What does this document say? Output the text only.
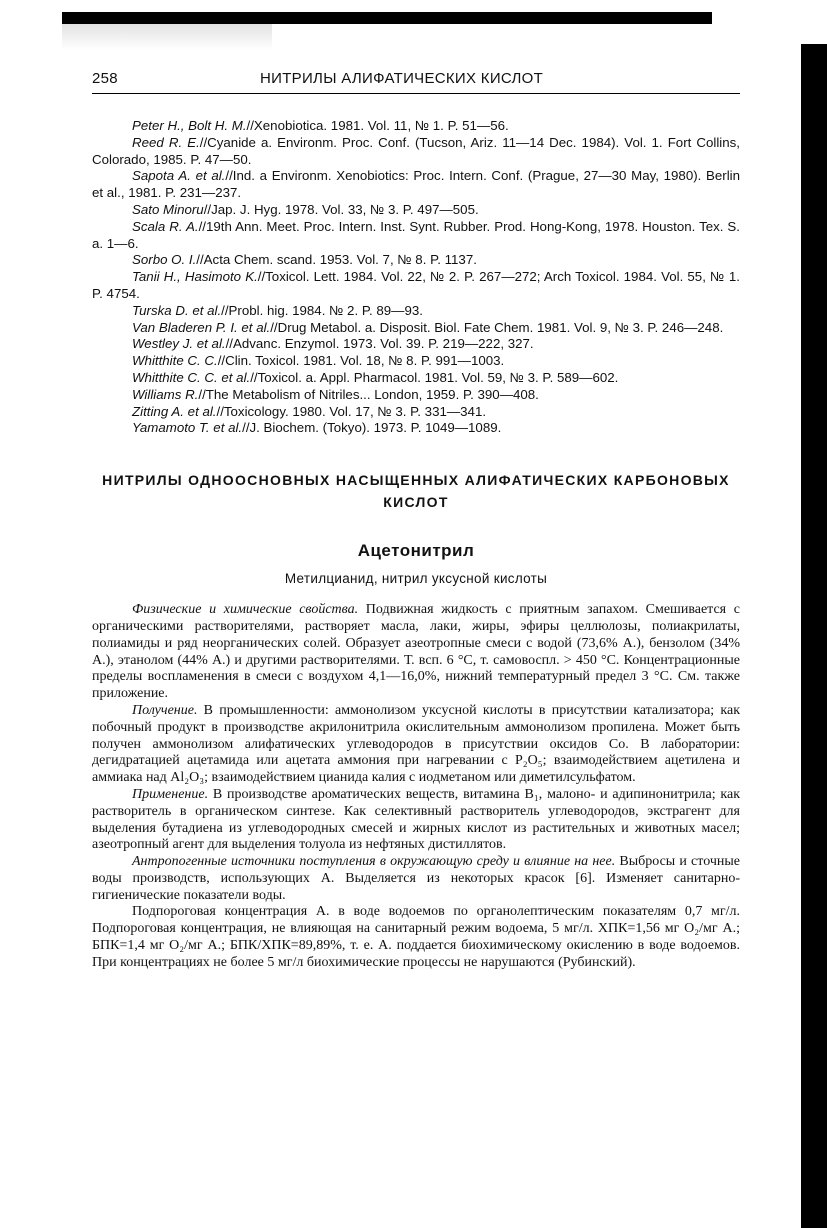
258	НИТРИЛЫ АЛИФАТИЧЕСКИХ КИСЛОТ
Peter H., Bolt H. M.//Xenobiotica. 1981. Vol. 11, № 1. P. 51—56.
Reed R. E.//Cyanide a. Environm. Proc. Conf. (Tucson, Ariz. 11—14 Dec. 1984). Vol. 1. Fort Collins, Colorado, 1985. P. 47—50.
Sapota A. et al.//Ind. a Environm. Xenobiotics: Proc. Intern. Conf. (Prague, 27—30 May, 1980). Berlin et al., 1981. P. 231—237.
Sato Minoru//Jap. J. Hyg. 1978. Vol. 33, № 3. P. 497—505.
Scala R. A.//19th Ann. Meet. Proc. Intern. Inst. Synt. Rubber. Prod. Hong-Kong, 1978. Houston. Tex. S. a. 1—6.
Sorbo O. I.//Acta Chem. scand. 1953. Vol. 7, № 8. P. 1137.
Tanii H., Hasimoto K.//Toxicol. Lett. 1984. Vol. 22, № 2. P. 267—272; Arch Toxicol. 1984. Vol. 55, № 1. P. 4754.
Turska D. et al.//Probl. hig. 1984. № 2. P. 89—93.
Van Bladeren P. I. et al.//Drug Metabol. a. Disposit. Biol. Fate Chem. 1981. Vol. 9, № 3. P. 246—248.
Westley J. et al.//Advanc. Enzymol. 1973. Vol. 39. P. 219—222, 327.
Whitthite C. C.//Clin. Toxicol. 1981. Vol. 18, № 8. P. 991—1003.
Whitthite C. C. et al.//Toxicol. a. Appl. Pharmacol. 1981. Vol. 59, № 3. P. 589—602.
Williams R.//The Metabolism of Nitriles... London, 1959. P. 390—408.
Zitting A. et al.//Toxicology. 1980. Vol. 17, № 3. P. 331—341.
Yamamoto T. et al.//J. Biochem. (Tokyo). 1973. P. 1049—1089.
НИТРИЛЫ ОДНООСНОВНЫХ НАСЫЩЕННЫХ АЛИФАТИЧЕСКИХ КАРБОНОВЫХ КИСЛОТ
Ацетонитрил
Метилцианид, нитрил уксусной кислоты
Физические и химические свойства. Подвижная жидкость с приятным запахом. Смешивается с органическими растворителями, растворяет масла, лаки, жиры, эфиры целлюлозы, полиакрилаты, полиамиды и ряд неорганических солей. Образует азеотропные смеси с водой (73,6% А.), бензолом (34% А.), этанолом (44% А.) и другими растворителями. Т. всп. 6 °С, т. самовоспл. > 450 °С. Концентрационные пределы воспламенения в смеси с воздухом 4,1—16,0%, нижний температурный предел 3 °С. См. также приложение.
Получение. В промышленности: аммонолизом уксусной кислоты в присутствии катализатора; как побочный продукт в производстве акрилонитрила окислительным аммонолизом пропилена. Может быть получен аммонолизом алифатических углеводородов в присутствии оксидов Co. В лаборатории: дегидратацией ацетамида или ацетата аммония при нагревании с P₂O₅; взаимодействием ацетилена и аммиака над Al₂O₃; взаимодействием цианида калия с иодметаном или диметилсульфатом.
Применение. В производстве ароматических веществ, витамина B₁, малоно- и адипинонитрила; как растворитель в органическом синтезе. Как селективный растворитель углеводородов, экстрагент для выделения бутадиена из углеводородных смесей и жирных кислот из растительных и животных масел; азеотропный агент для выделения толуола из нефтяных дистиллятов.
Антропогенные источники поступления в окружающую среду и влияние на нее. Выбросы и сточные воды производств, использующих А. Выделяется из некоторых красок [6]. Изменяет санитарно-гигиенические показатели воды.
Подпороговая концентрация А. в воде водоемов по органолептическим показателям 0,7 мг/л. Подпороговая концентрация, не влияющая на санитарный режим водоема, 5 мг/л. ХПК=1,56 мг O₂/мг А.; БПК=1,4 мг O₂/мг А.; БПК/ХПК=89,89%, т. е. А. поддается биохимическому окислению в воде водоемов. При концентрациях не более 5 мг/л биохимические процессы не нарушаются (Рубинский).
